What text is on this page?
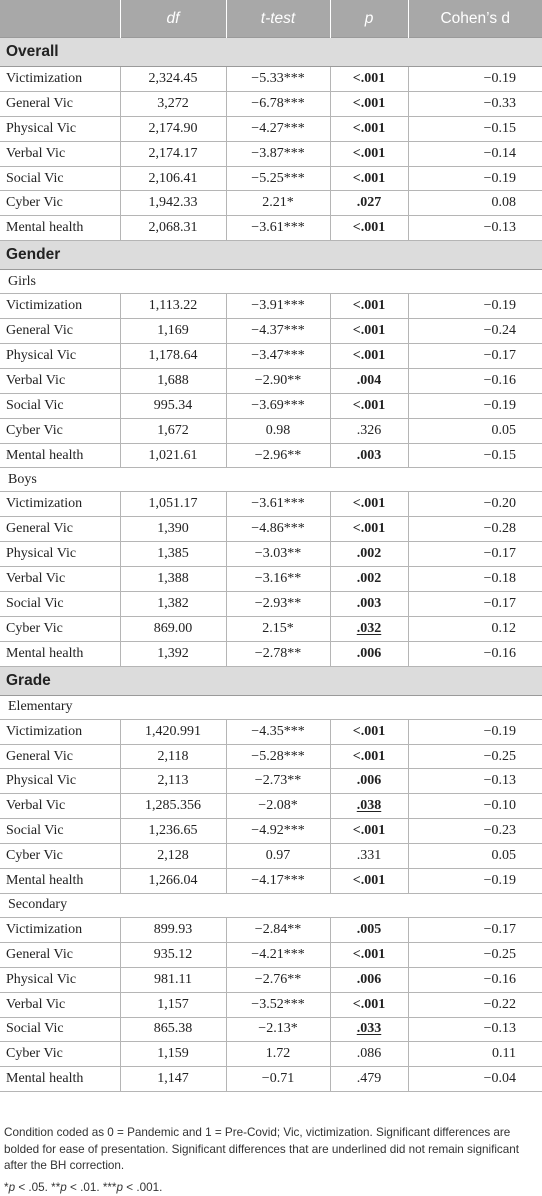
	df	t-test	p	Cohen’s d
Overall				
Victimization	2,324.45	−5.33***	<.001	−0.19
General Vic	3,272	−6.78***	<.001	−0.33
Physical Vic	2,174.90	−4.27***	<.001	−0.15
Verbal Vic	2,174.17	−3.87***	<.001	−0.14
Social Vic	2,106.41	−5.25***	<.001	−0.19
Cyber Vic	1,942.33	2.21*	.027	0.08
Mental health	2,068.31	−3.61***	<.001	−0.13
Gender				
Girls				
Victimization	1,113.22	−3.91***	<.001	−0.19
General Vic	1,169	−4.37***	<.001	−0.24
Physical Vic	1,178.64	−3.47***	<.001	−0.17
Verbal Vic	1,688	−2.90**	.004	−0.16
Social Vic	995.34	−3.69***	<.001	−0.19
Cyber Vic	1,672	0.98	.326	0.05
Mental health	1,021.61	−2.96**	.003	−0.15
Boys				
Victimization	1,051.17	−3.61***	<.001	−0.20
General Vic	1,390	−4.86***	<.001	−0.28
Physical Vic	1,385	−3.03**	.002	−0.17
Verbal Vic	1,388	−3.16**	.002	−0.18
Social Vic	1,382	−2.93**	.003	−0.17
Cyber Vic	869.00	2.15*	.032	0.12
Mental health	1,392	−2.78**	.006	−0.16
Grade				
Elementary				
Victimization	1,420.991	−4.35***	<.001	−0.19
General Vic	2,118	−5.28***	<.001	−0.25
Physical Vic	2,113	−2.73**	.006	−0.13
Verbal Vic	1,285.356	−2.08*	.038	−0.10
Social Vic	1,236.65	−4.92***	<.001	−0.23
Cyber Vic	2,128	0.97	.331	0.05
Mental health	1,266.04	−4.17***	<.001	−0.19
Secondary				
Victimization	899.93	−2.84**	.005	−0.17
General Vic	935.12	−4.21***	<.001	−0.25
Physical Vic	981.11	−2.76**	.006	−0.16
Verbal Vic	1,157	−3.52***	<.001	−0.22
Social Vic	865.38	−2.13*	.033	−0.13
Cyber Vic	1,159	1.72	.086	0.11
Mental health	1,147	−0.71	.479	−0.04

Condition coded as 0 = Pandemic and 1 = Pre-Covid; Vic, victimization. Significant differences are bolded for ease of presentation. Significant differences that are underlined did not remain significant after the BH correction.

*p < .05. **p < .01. ***p < .001.
